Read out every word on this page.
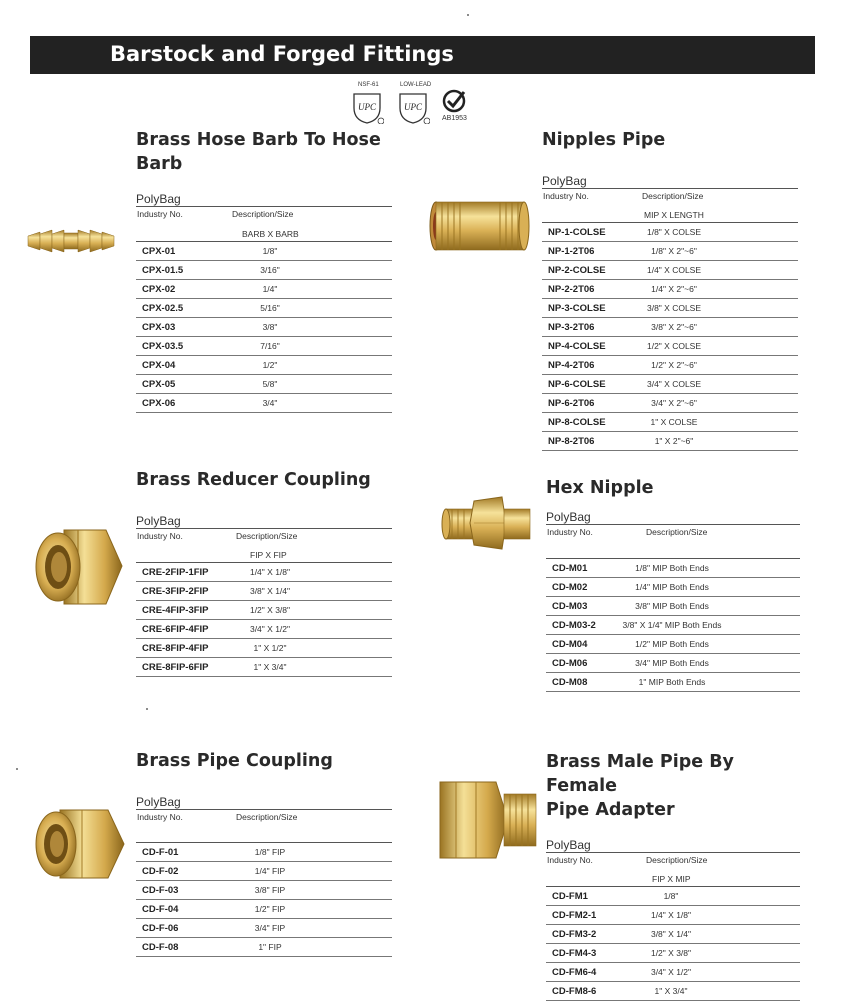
Barstock and Forged Fittings
NSF-61
UPC
LOW-LEAD
UPC
AB1953
Brass Hose Barb To Hose
Barb
PolyBag
Industry No.	Description/Size
BARB X BARB
CPX-01	1/8"
CPX-01.5	3/16"
CPX-02	1/4"
CPX-02.5	5/16"
CPX-03	3/8"
CPX-03.5	7/16"
CPX-04	1/2"
CPX-05	5/8"
CPX-06	3/4"
Nipples Pipe
PolyBag
Industry No.	Description/Size
MIP X LENGTH
NP-1-COLSE	1/8" X COLSE
NP-1-2T06	1/8" X 2"~6"
NP-2-COLSE	1/4" X COLSE
NP-2-2T06	1/4" X 2"~6"
NP-3-COLSE	3/8" X COLSE
NP-3-2T06	3/8" X 2"~6"
NP-4-COLSE	1/2" X COLSE
NP-4-2T06	1/2" X 2"~6"
NP-6-COLSE	3/4" X COLSE
NP-6-2T06	3/4" X 2"~6"
NP-8-COLSE	1" X COLSE
NP-8-2T06	1" X 2"~6"
Brass Reducer Coupling
PolyBag
Industry No.	Description/Size
FIP X FIP
CRE-2FIP-1FIP	1/4" X 1/8"
CRE-3FIP-2FIP	3/8" X 1/4"
CRE-4FIP-3FIP	1/2" X 3/8"
CRE-6FIP-4FIP	3/4" X 1/2"
CRE-8FIP-4FIP	1" X 1/2"
CRE-8FIP-6FIP	1" X 3/4"
Hex Nipple
PolyBag
Industry No.	Description/Size
CD-M01	1/8" MIP Both Ends
CD-M02	1/4" MIP Both Ends
CD-M03	3/8" MIP Both Ends
CD-M03-2	3/8" X 1/4" MIP Both Ends
CD-M04	1/2" MIP Both Ends
CD-M06	3/4" MIP Both Ends
CD-M08	1" MIP Both Ends
Brass Pipe Coupling
PolyBag
Industry No.	Description/Size
CD-F-01	1/8" FIP
CD-F-02	1/4" FIP
CD-F-03	3/8" FIP
CD-F-04	1/2" FIP
CD-F-06	3/4" FIP
CD-F-08	1" FIP
Brass Male Pipe By Female
Pipe Adapter
PolyBag
Industry No.	Description/Size
FIP X MIP
CD-FM1	1/8"
CD-FM2-1	1/4" X 1/8"
CD-FM3-2	3/8" X 1/4"
CD-FM4-3	1/2" X 3/8"
CD-FM6-4	3/4" X 1/2"
CD-FM8-6	1" X 3/4"
